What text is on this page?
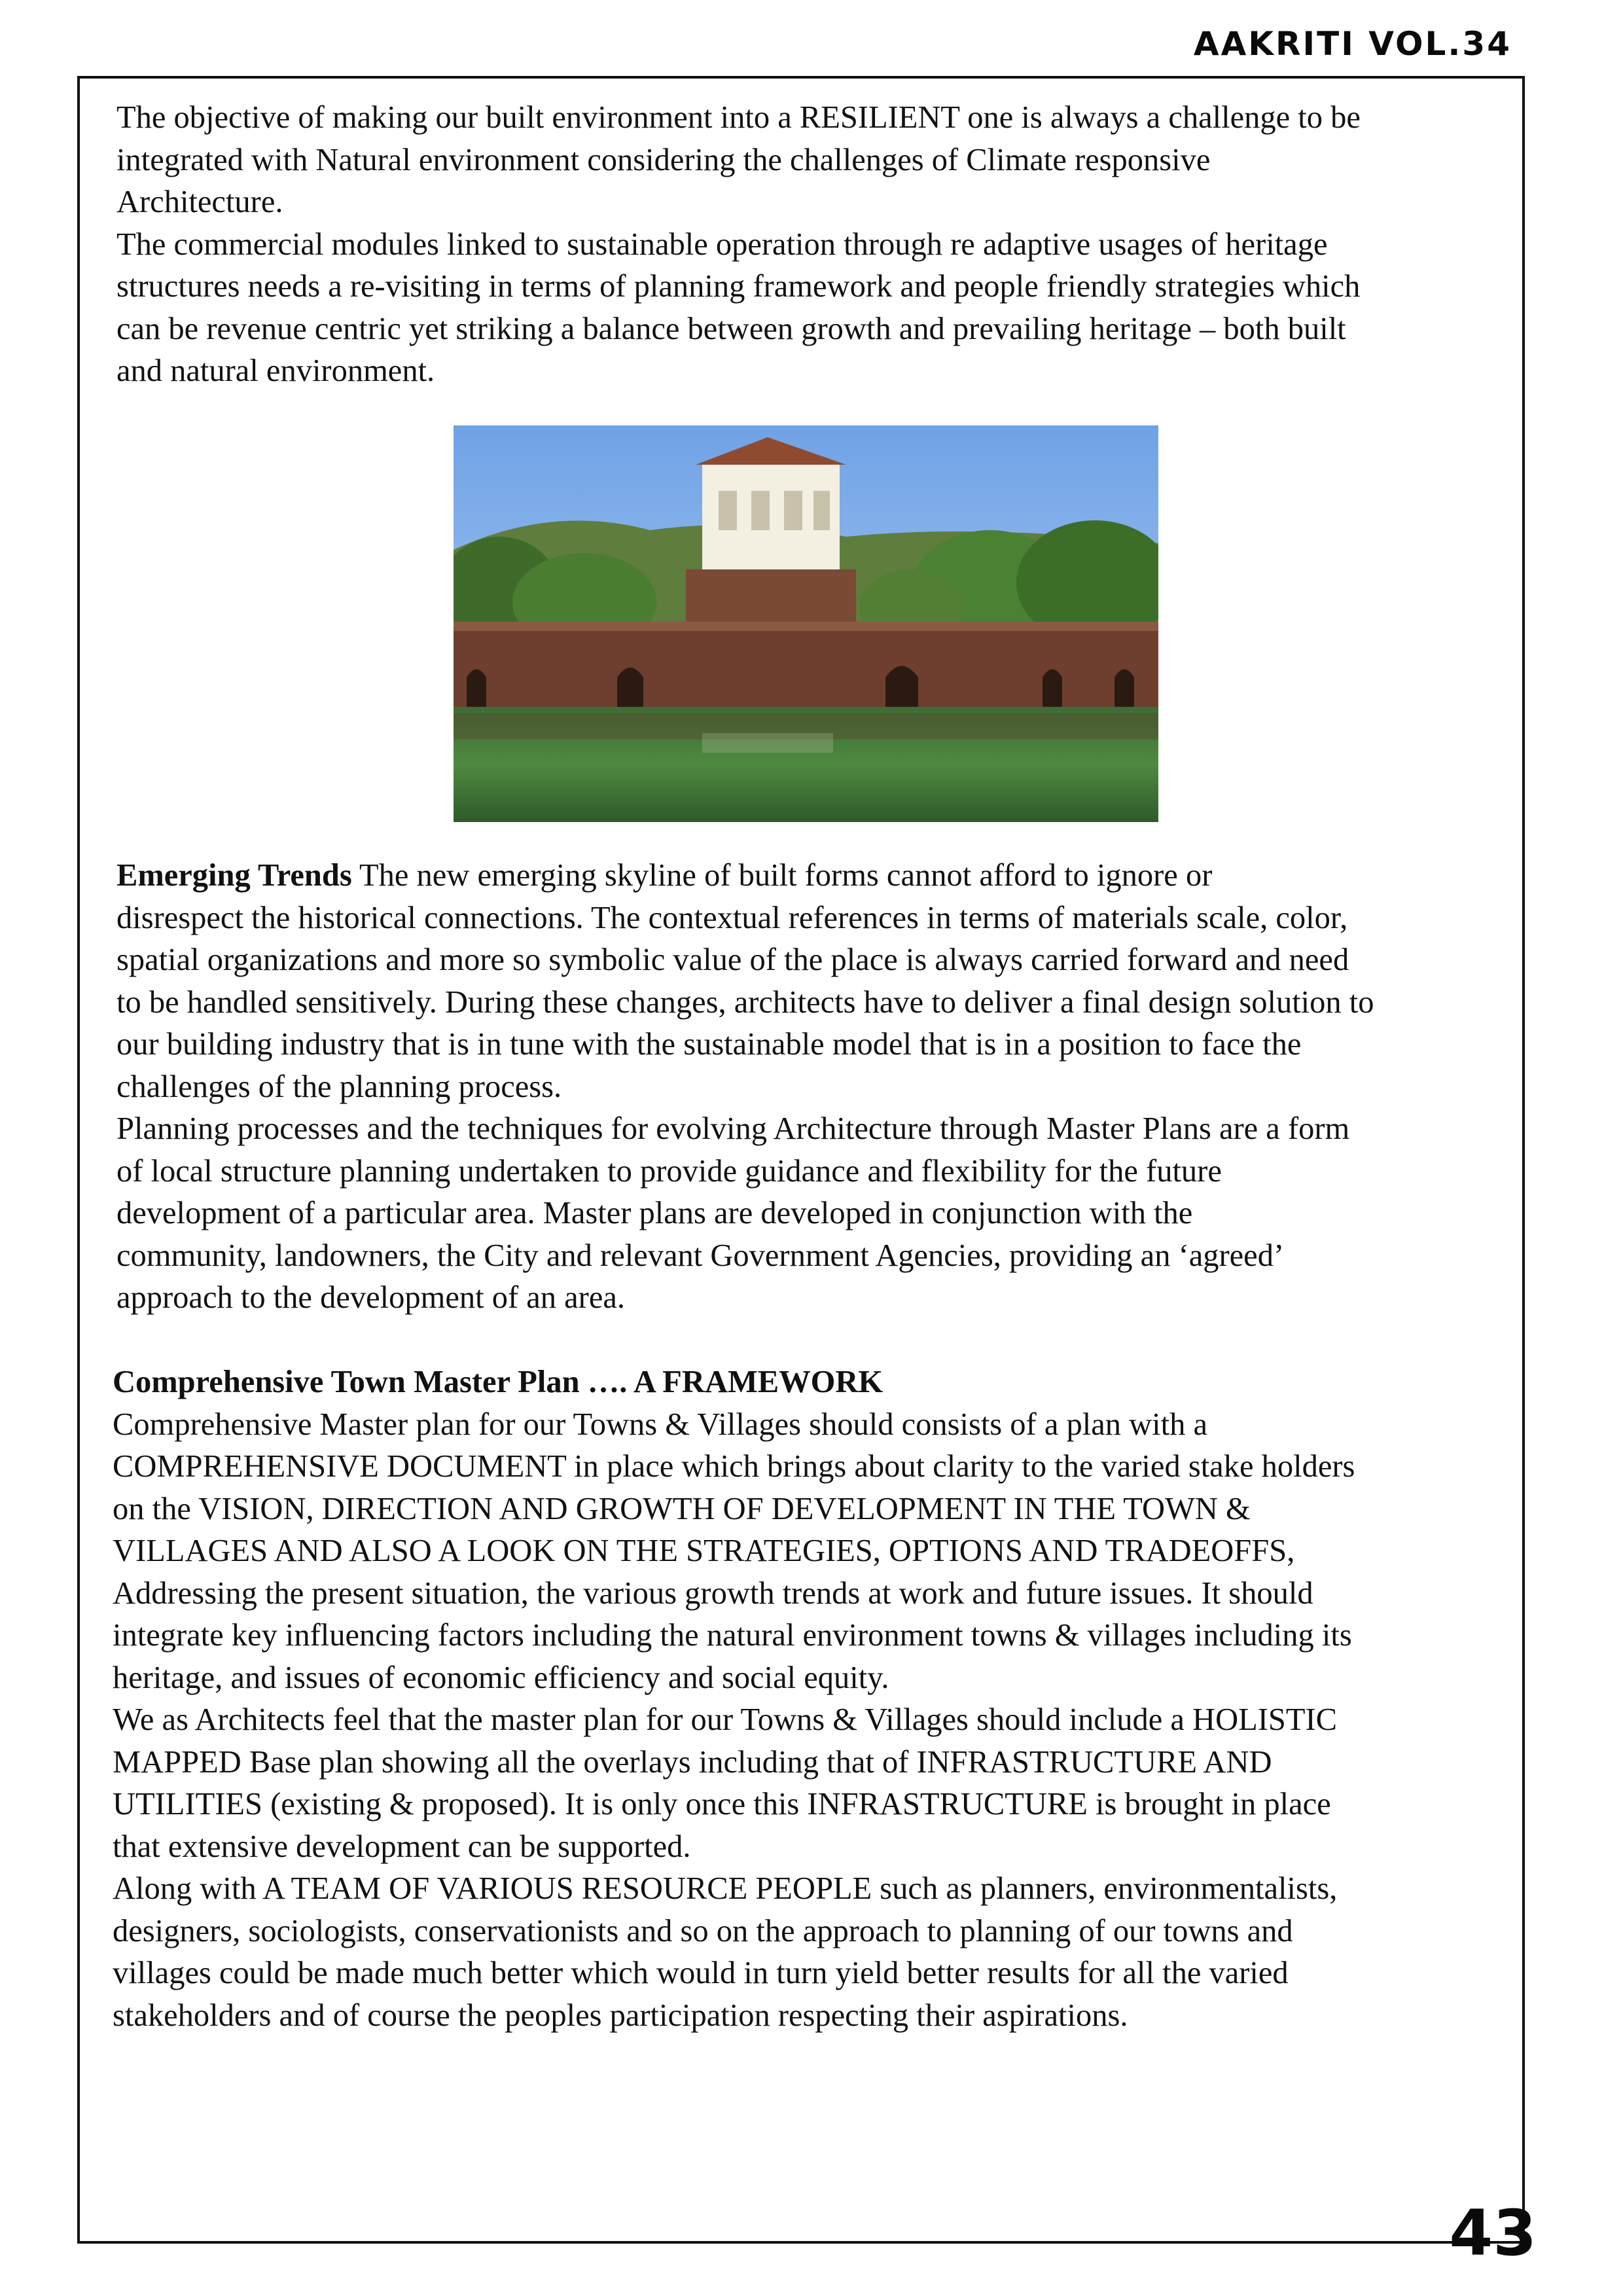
AAKRITI VOL.34
The objective of making our built environment into a RESILIENT one is always a challenge to be
integrated with Natural environment considering the challenges of Climate responsive
Architecture.
The commercial modules linked to sustainable operation through re adaptive usages of heritage
structures needs a re-visiting in terms of planning framework and people friendly strategies which
can be revenue centric yet striking a balance between growth and prevailing heritage – both built
and natural environment.
Emerging Trends The new emerging skyline of built forms cannot afford to ignore or
disrespect the historical connections. The contextual references in terms of materials scale, color,
spatial organizations and more so symbolic value of the place is always carried forward and need
to be handled sensitively. During these changes, architects have to deliver a final design solution to
our building industry that is in tune with the sustainable model that is in a position to face the
challenges of the planning process.
Planning processes and the techniques for evolving Architecture through Master Plans are a form
of local structure planning undertaken to provide guidance and flexibility for the future
development of a particular area. Master plans are developed in conjunction with the
community, landowners, the City and relevant Government Agencies, providing an ‘agreed’
approach to the development of an area.
Comprehensive Town Master Plan …. A FRAMEWORK
Comprehensive Master plan for our Towns & Villages should consists of a plan with a
COMPREHENSIVE DOCUMENT in place which brings about clarity to the varied stake holders
on the VISION, DIRECTION AND GROWTH OF DEVELOPMENT IN THE TOWN &
VILLAGES AND ALSO A LOOK ON THE STRATEGIES, OPTIONS AND TRADEOFFS,
Addressing the present situation, the various growth trends at work and future issues. It should
integrate key influencing factors including the natural environment towns & villages including its
heritage, and issues of economic efficiency and social equity.
We as Architects feel that the master plan for our Towns & Villages should include a HOLISTIC
MAPPED Base plan showing all the overlays including that of INFRASTRUCTURE AND
UTILITIES (existing & proposed). It is only once this INFRASTRUCTURE is brought in place
that extensive development can be supported.
Along with A TEAM OF VARIOUS RESOURCE PEOPLE such as planners, environmentalists,
designers, sociologists, conservationists and so on the approach to planning of our towns and
villages could be made much better which would in turn yield better results for all the varied
stakeholders and of course the peoples participation respecting their aspirations.
43
